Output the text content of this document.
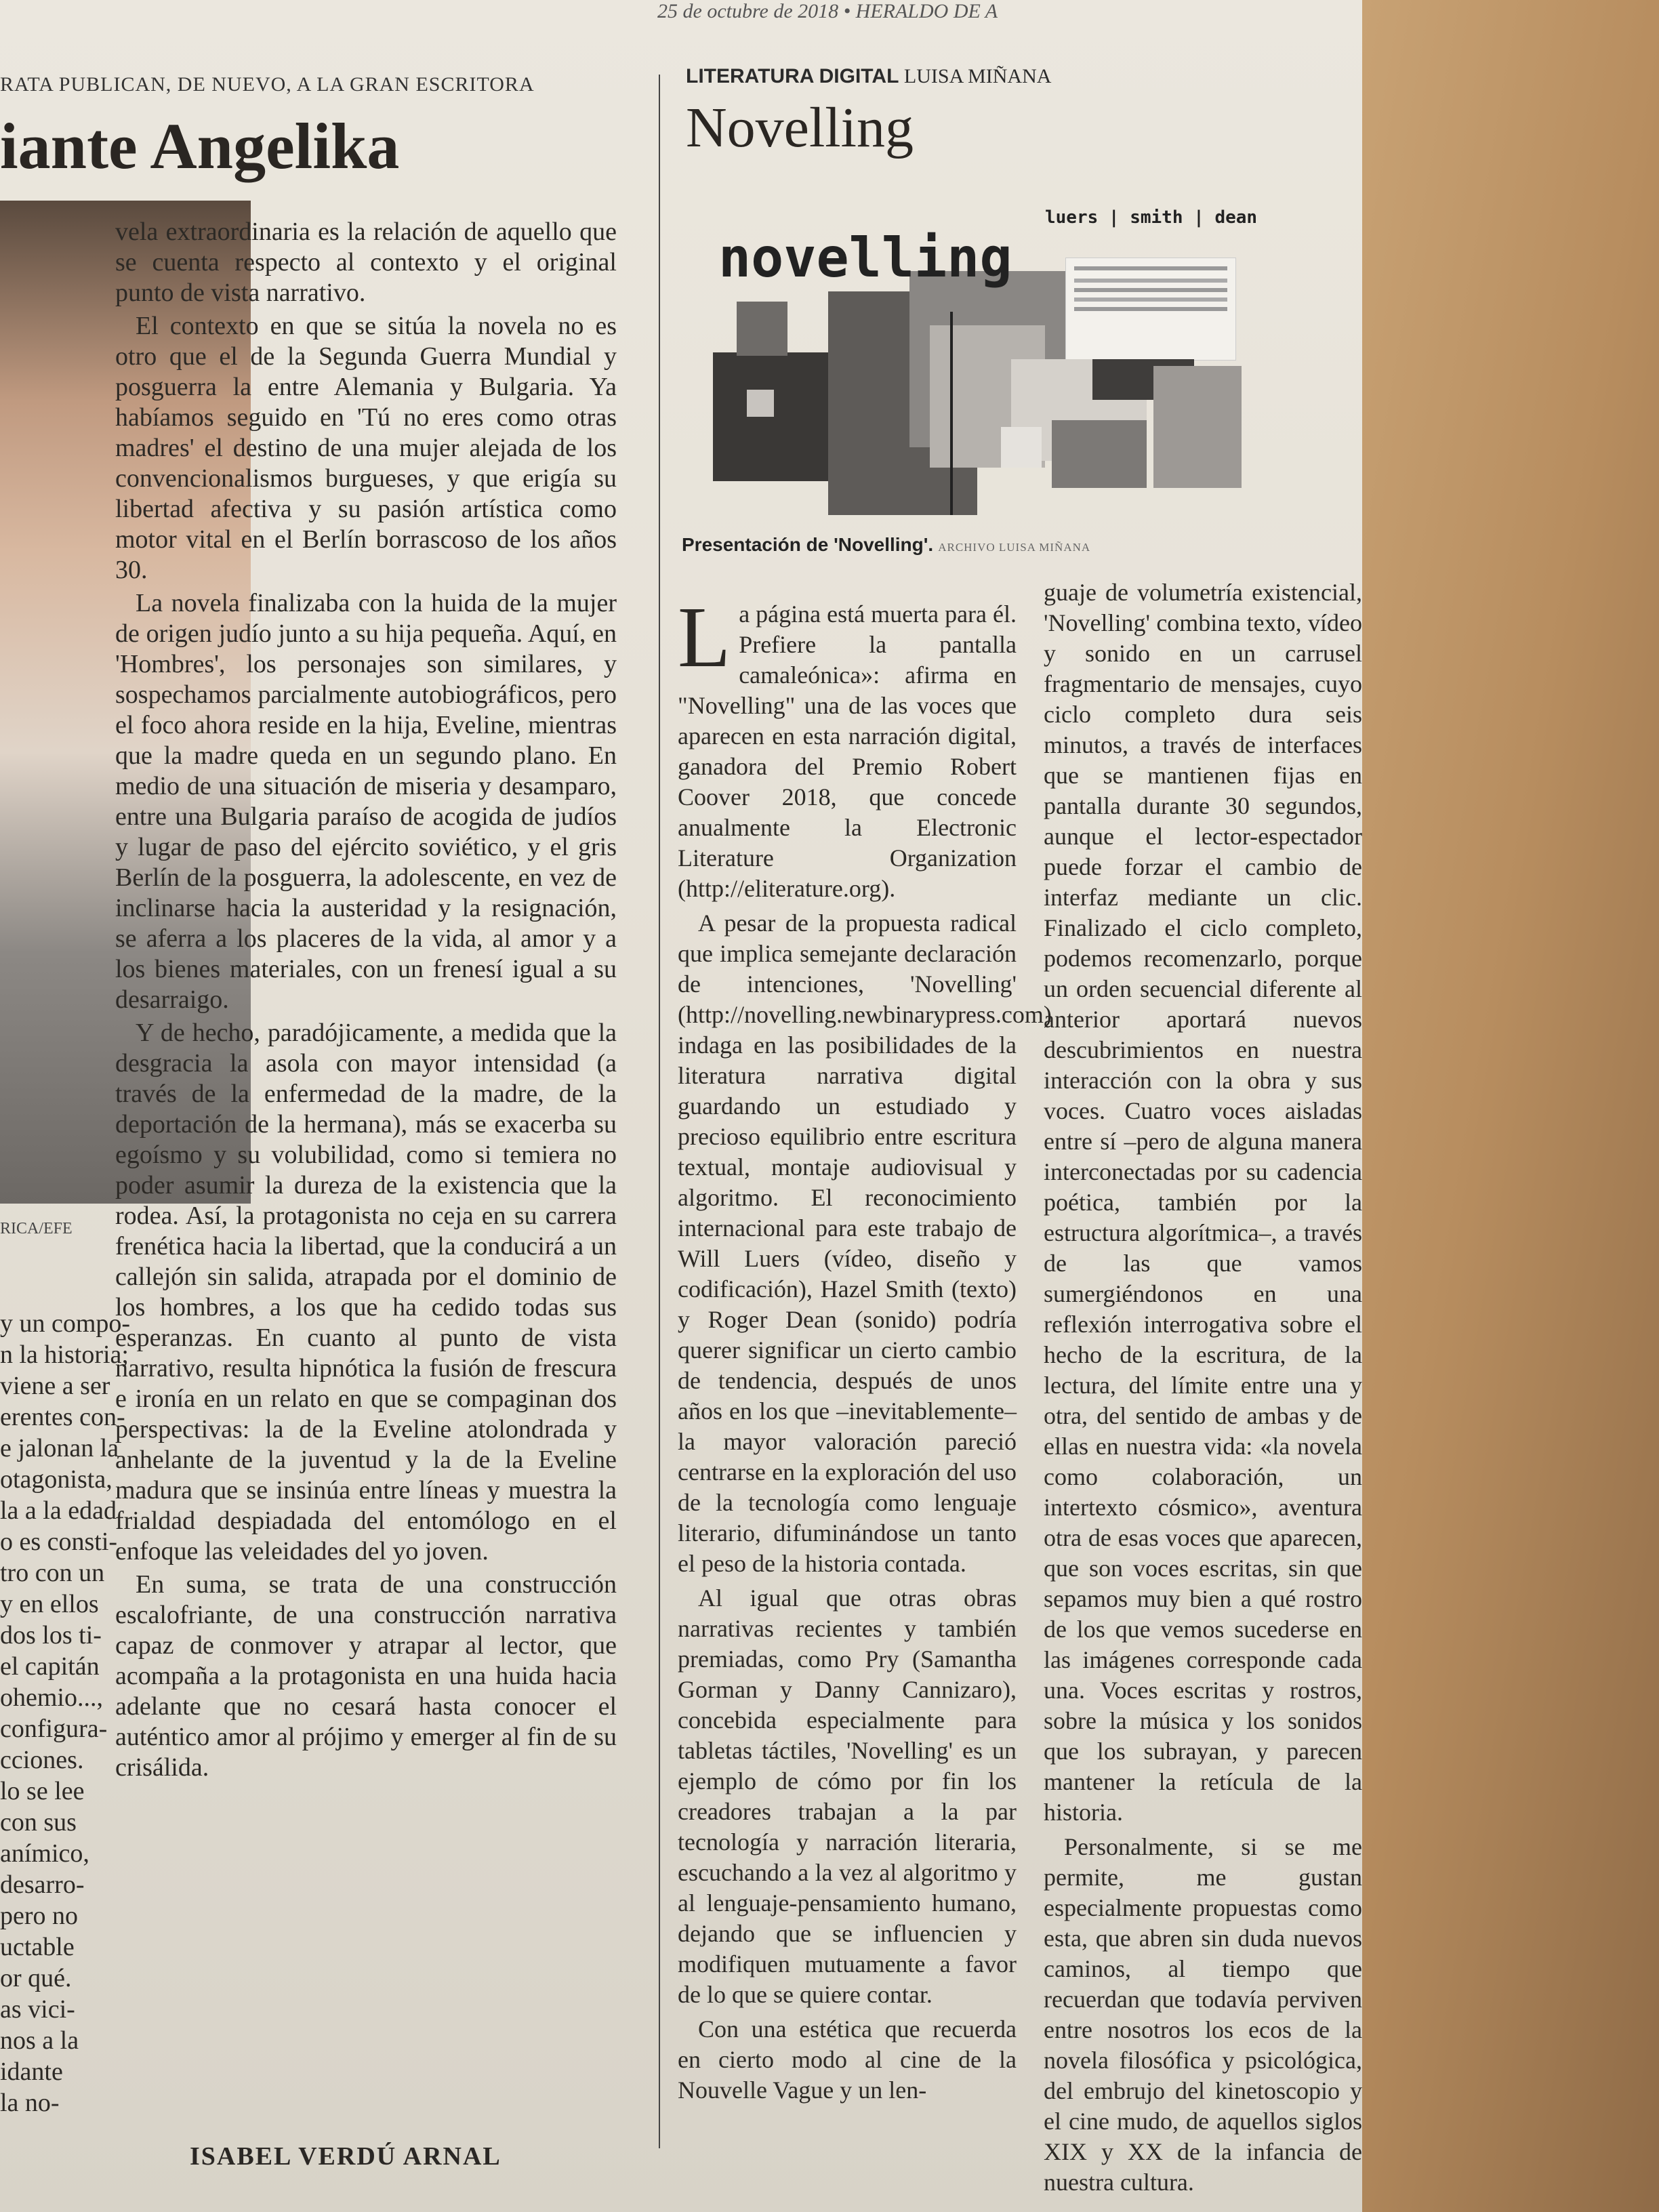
25 de octubre de 2018 • HERALDO DE A
RATA PUBLICAN, DE NUEVO, A LA GRAN ESCRITORA
iante Angelika
RICA/EFE

vela extraordinaria es la relación de aquello que se cuenta respecto al contexto y el original punto de vista narrativo.

El contexto en que se sitúa la novela no es otro que el de la Segunda Guerra Mundial y posguerra la entre Alemania y Bulgaria. Ya habíamos seguido en 'Tú no eres como otras madres' el destino de una mujer alejada de los convencionalismos burgueses, y que erigía su libertad afectiva y su pasión artística como motor vital en el Berlín borrascoso de los años 30.

La novela finalizaba con la huida de la mujer de origen judío junto a su hija pequeña. Aquí, en 'Hombres', los personajes son similares, y sospechamos parcialmente autobiográficos, pero el foco ahora reside en la hija, Eveline, mientras que la madre queda en un segundo plano. En medio de una situación de miseria y desamparo, entre una Bulgaria paraíso de acogida de judíos y lugar de paso del ejército soviético, y el gris Berlín de la posguerra, la adolescente, en vez de inclinarse hacia la austeridad y la resignación, se aferra a los placeres de la vida, al amor y a los bienes materiales, con un frenesí igual a su desarraigo.

Y de hecho, paradójicamente, a medida que la desgracia la asola con mayor intensidad (a través de la enfermedad de la madre, de la deportación de la hermana), más se exacerba su egoísmo y su volubilidad, como si temiera no poder asumir la dureza de la existencia que la rodea. Así, la protagonista no ceja en su carrera frenética hacia la libertad, que la conducirá a un callejón sin salida, atrapada por el dominio de los hombres, a los que ha cedido todas sus esperanzas. En cuanto al punto de vista narrativo, resulta hipnótica la fusión de frescura e ironía en un relato en que se compaginan dos perspectivas: la de la Eveline atolondrada y anhelante de la juventud y la de la Eveline madura que se insinúa entre líneas y muestra la frialdad despiadada del entomólogo en el enfoque las veleidades del yo joven.

En suma, se trata de una construcción escalofriante, de una construcción narrativa capaz de conmover y atrapar al lector, que acompaña a la protagonista en una huida hacia adelante que no cesará hasta conocer el auténtico amor al prójimo y emerger al fin de su crisálida.

y un compo-
n la historia;
viene a ser
erentes con-
e jalonan la
otagonista,
la a la edad
o es consti-
tro con un
y en ellos
dos los ti-
el capitán
ohemio...,
configura-
cciones.
lo se lee
con sus
anímico,
desarro-
pero no
uctable
or qué.
as vici-
nos a la
idante
la no-
ISABEL VERDÚ ARNAL
LITERATURA DIGITAL LUISA MIÑANA
Novelling
novelling
luers | smith | dean
Presentación de 'Novelling'. ARCHIVO LUISA MIÑANA

La página está muerta para él. Prefiere la pantalla camaleónica»: afirma en "Novelling" una de las voces que aparecen en esta narración digital, ganadora del Premio Robert Coover 2018, que concede anualmente la Electronic Literature Organization (http://eliterature.org).

A pesar de la propuesta radical que implica semejante declaración de intenciones, 'Novelling' (http://novelling.newbinarypress.com) indaga en las posibilidades de la literatura narrativa digital guardando un estudiado y precioso equilibrio entre escritura textual, montaje audiovisual y algoritmo. El reconocimiento internacional para este trabajo de Will Luers (vídeo, diseño y codificación), Hazel Smith (texto) y Roger Dean (sonido) podría querer significar un cierto cambio de tendencia, después de unos años en los que –inevitablemente– la mayor valoración pareció centrarse en la exploración del uso de la tecnología como lenguaje literario, difuminándose un tanto el peso de la historia contada.

Al igual que otras obras narrativas recientes y también premiadas, como Pry (Samantha Gorman y Danny Cannizaro), concebida especialmente para tabletas táctiles, 'Novelling' es un ejemplo de cómo por fin los creadores trabajan a la par tecnología y narración literaria, escuchando a la vez al algoritmo y al lenguaje-pensamiento humano, dejando que se influencien y modifiquen mutuamente a favor de lo que se quiere contar.

Con una estética que recuerda en cierto modo al cine de la Nouvelle Vague y un len-

guaje de volumetría existencial, 'Novelling' combina texto, vídeo y sonido en un carrusel fragmentario de mensajes, cuyo ciclo completo dura seis minutos, a través de interfaces que se mantienen fijas en pantalla durante 30 segundos, aunque el lector-espectador puede forzar el cambio de interfaz mediante un clic. Finalizado el ciclo completo, podemos recomenzarlo, porque un orden secuencial diferente al anterior aportará nuevos descubrimientos en nuestra interacción con la obra y sus voces. Cuatro voces aisladas entre sí –pero de alguna manera interconectadas por su cadencia poética, también por la estructura algorítmica–, a través de las que vamos sumergiéndonos en una reflexión interrogativa sobre el hecho de la escritura, de la lectura, del límite entre una y otra, del sentido de ambas y de ellas en nuestra vida: «la novela como colaboración, un intertexto cósmico», aventura otra de esas voces que aparecen, que son voces escritas, sin que sepamos muy bien a qué rostro de los que vemos sucederse en las imágenes corresponde cada una. Voces escritas y rostros, sobre la música y los sonidos que los subrayan, y parecen mantener la retícula de la historia.

Personalmente, si se me permite, me gustan especialmente propuestas como esta, que abren sin duda nuevos caminos, al tiempo que recuerdan que todavía perviven entre nosotros los ecos de la novela filosófica y psicológica, del embrujo del kinetoscopio y el cine mudo, de aquellos siglos XIX y XX de la infancia de nuestra cultura.
